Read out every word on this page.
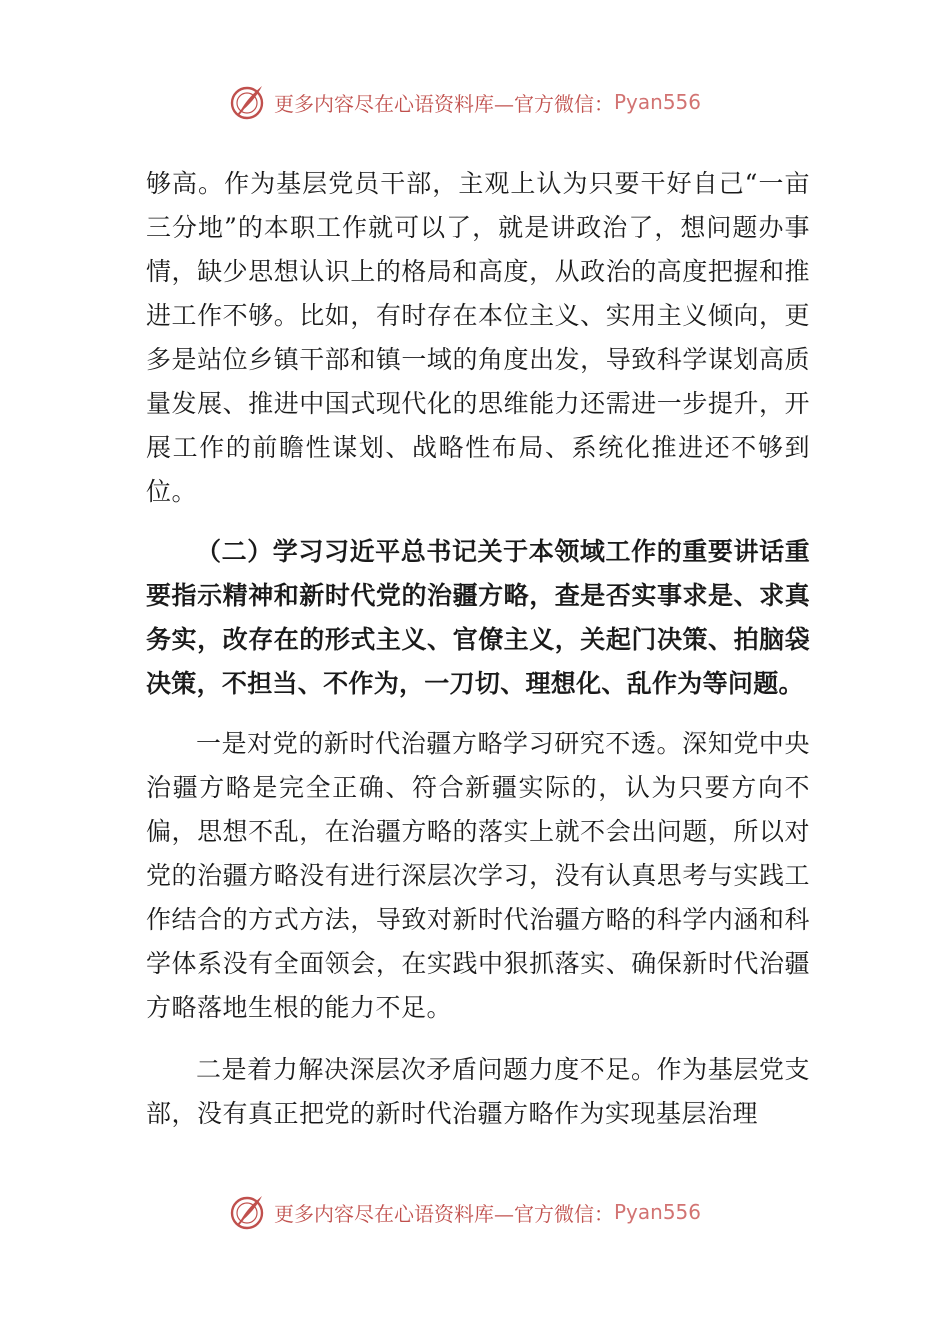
更多内容尽在心语资料库—官方微信： Pyan556

够高。作为基层党员干部，主观上认为只要干好自己“一亩三分地”的本职工作就可以了，就是讲政治了，想问题办事情，缺少思想认识上的格局和高度，从政治的高度把握和推进工作不够。比如，有时存在本位主义、实用主义倾向，更多是站位乡镇干部和镇一域的角度出发，导致科学谋划高质量发展、推进中国式现代化的思维能力还需进一步提升，开展工作的前瞻性谋划、战略性布局、系统化推进还不够到位。

（二）学习习近平总书记关于本领域工作的重要讲话重要指示精神和新时代党的治疆方略，查是否实事求是、求真务实，改存在的形式主义、官僚主义，关起门决策、拍脑袋决策，不担当、不作为，一刀切、理想化、乱作为等问题。

一是对党的新时代治疆方略学习研究不透。深知党中央治疆方略是完全正确、符合新疆实际的，认为只要方向不偏，思想不乱，在治疆方略的落实上就不会出问题，所以对党的治疆方略没有进行深层次学习，没有认真思考与实践工作结合的方式方法，导致对新时代治疆方略的科学内涵和科学体系没有全面领会，在实践中狠抓落实、确保新时代治疆方略落地生根的能力不足。

二是着力解决深层次矛盾问题力度不足。作为基层党支部，没有真正把党的新时代治疆方略作为实现基层治理

更多内容尽在心语资料库—官方微信： Pyan556
